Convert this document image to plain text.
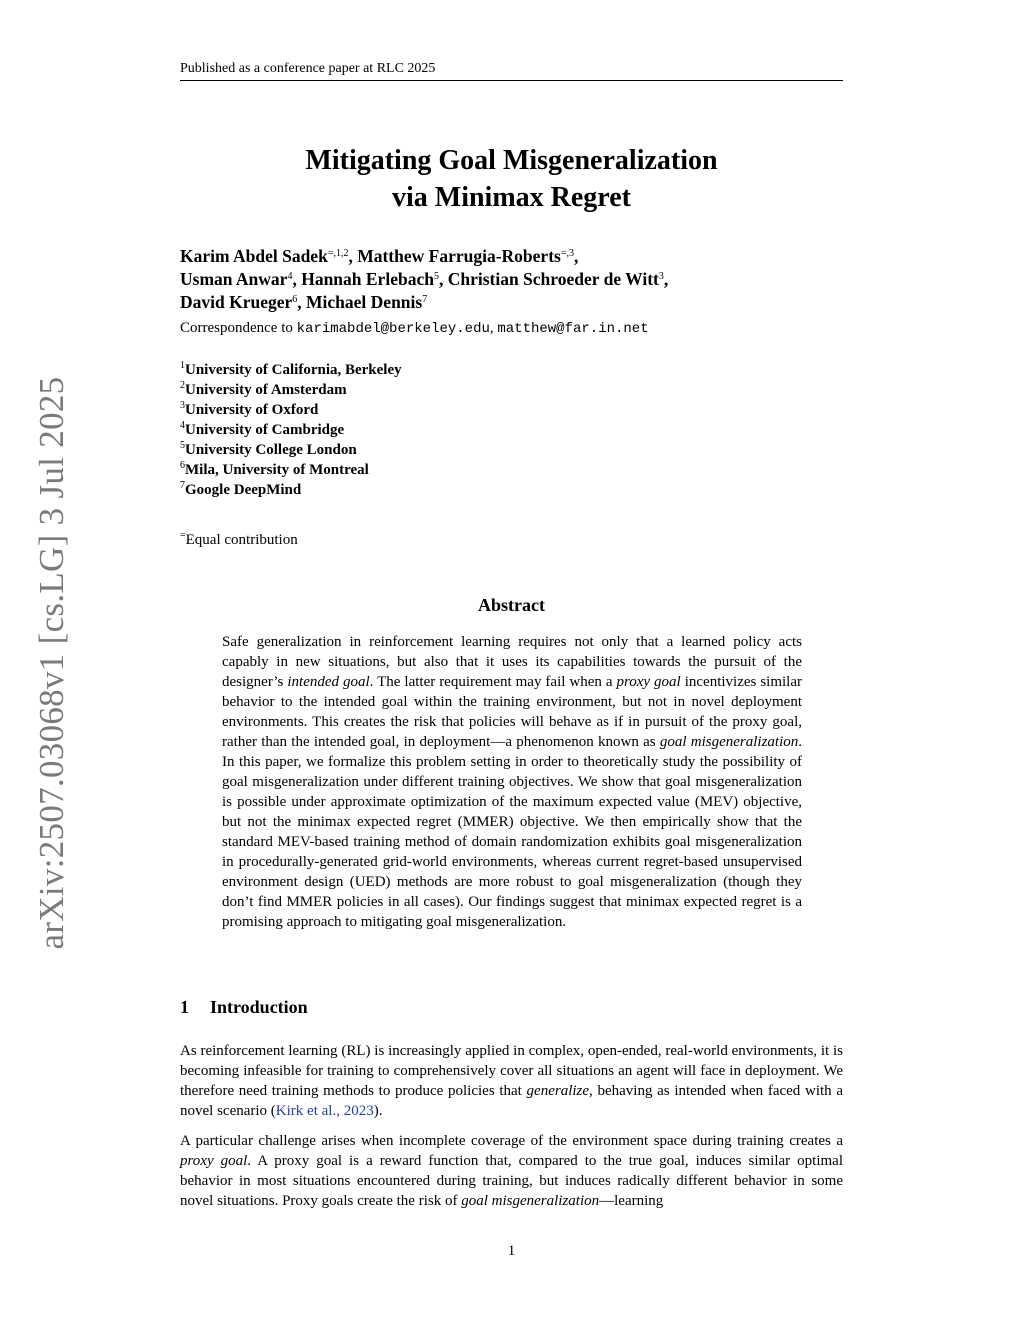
Published as a conference paper at RLC 2025
arXiv:2507.03068v1 [cs.LG] 3 Jul 2025
Mitigating Goal Misgeneralization
via Minimax Regret
Karim Abdel Sadek$^{=,1,2}$, Matthew Farrugia-Roberts$^{=,3}$,
Usman Anwar$^4$, Hannah Erlebach$^5$, Christian Schroeder de Witt$^3$,
David Krueger$^6$, Michael Dennis$^7$
Correspondence to karimabdel@berkeley.edu, matthew@far.in.net
$^1$University of California, Berkeley
$^2$University of Amsterdam
$^3$University of Oxford
$^4$University of Cambridge
$^5$University College London
$^6$Mila, University of Montreal
$^7$Google DeepMind
=Equal contribution
Abstract
Safe generalization in reinforcement learning requires not only that a learned policy acts capably in new situations, but also that it uses its capabilities towards the pursuit of the designer’s intended goal. The latter requirement may fail when a proxy goal incentivizes similar behavior to the intended goal within the training environment, but not in novel deployment environments. This creates the risk that policies will behave as if in pursuit of the proxy goal, rather than the intended goal, in deployment—a phenomenon known as goal misgeneralization. In this paper, we formalize this problem setting in order to theoretically study the possibility of goal misgeneralization under different training objectives. We show that goal misgeneralization is possible under approximate optimization of the maximum expected value (MEV) objective, but not the minimax expected regret (MMER) objective. We then empirically show that the standard MEV-based training method of domain randomization exhibits goal misgeneralization in procedurally-generated grid-world environments, whereas current regret-based unsupervised environment design (UED) methods are more robust to goal misgeneralization (though they don’t find MMER policies in all cases). Our findings suggest that minimax expected regret is a promising approach to mitigating goal misgeneralization.
1 Introduction
As reinforcement learning (RL) is increasingly applied in complex, open-ended, real-world environments, it is becoming infeasible for training to comprehensively cover all situations an agent will face in deployment. We therefore need training methods to produce policies that generalize, behaving as intended when faced with a novel scenario (Kirk et al., 2023).
A particular challenge arises when incomplete coverage of the environment space during training creates a proxy goal. A proxy goal is a reward function that, compared to the true goal, induces similar optimal behavior in most situations encountered during training, but induces radically different behavior in some novel situations. Proxy goals create the risk of goal misgeneralization—learning
1
